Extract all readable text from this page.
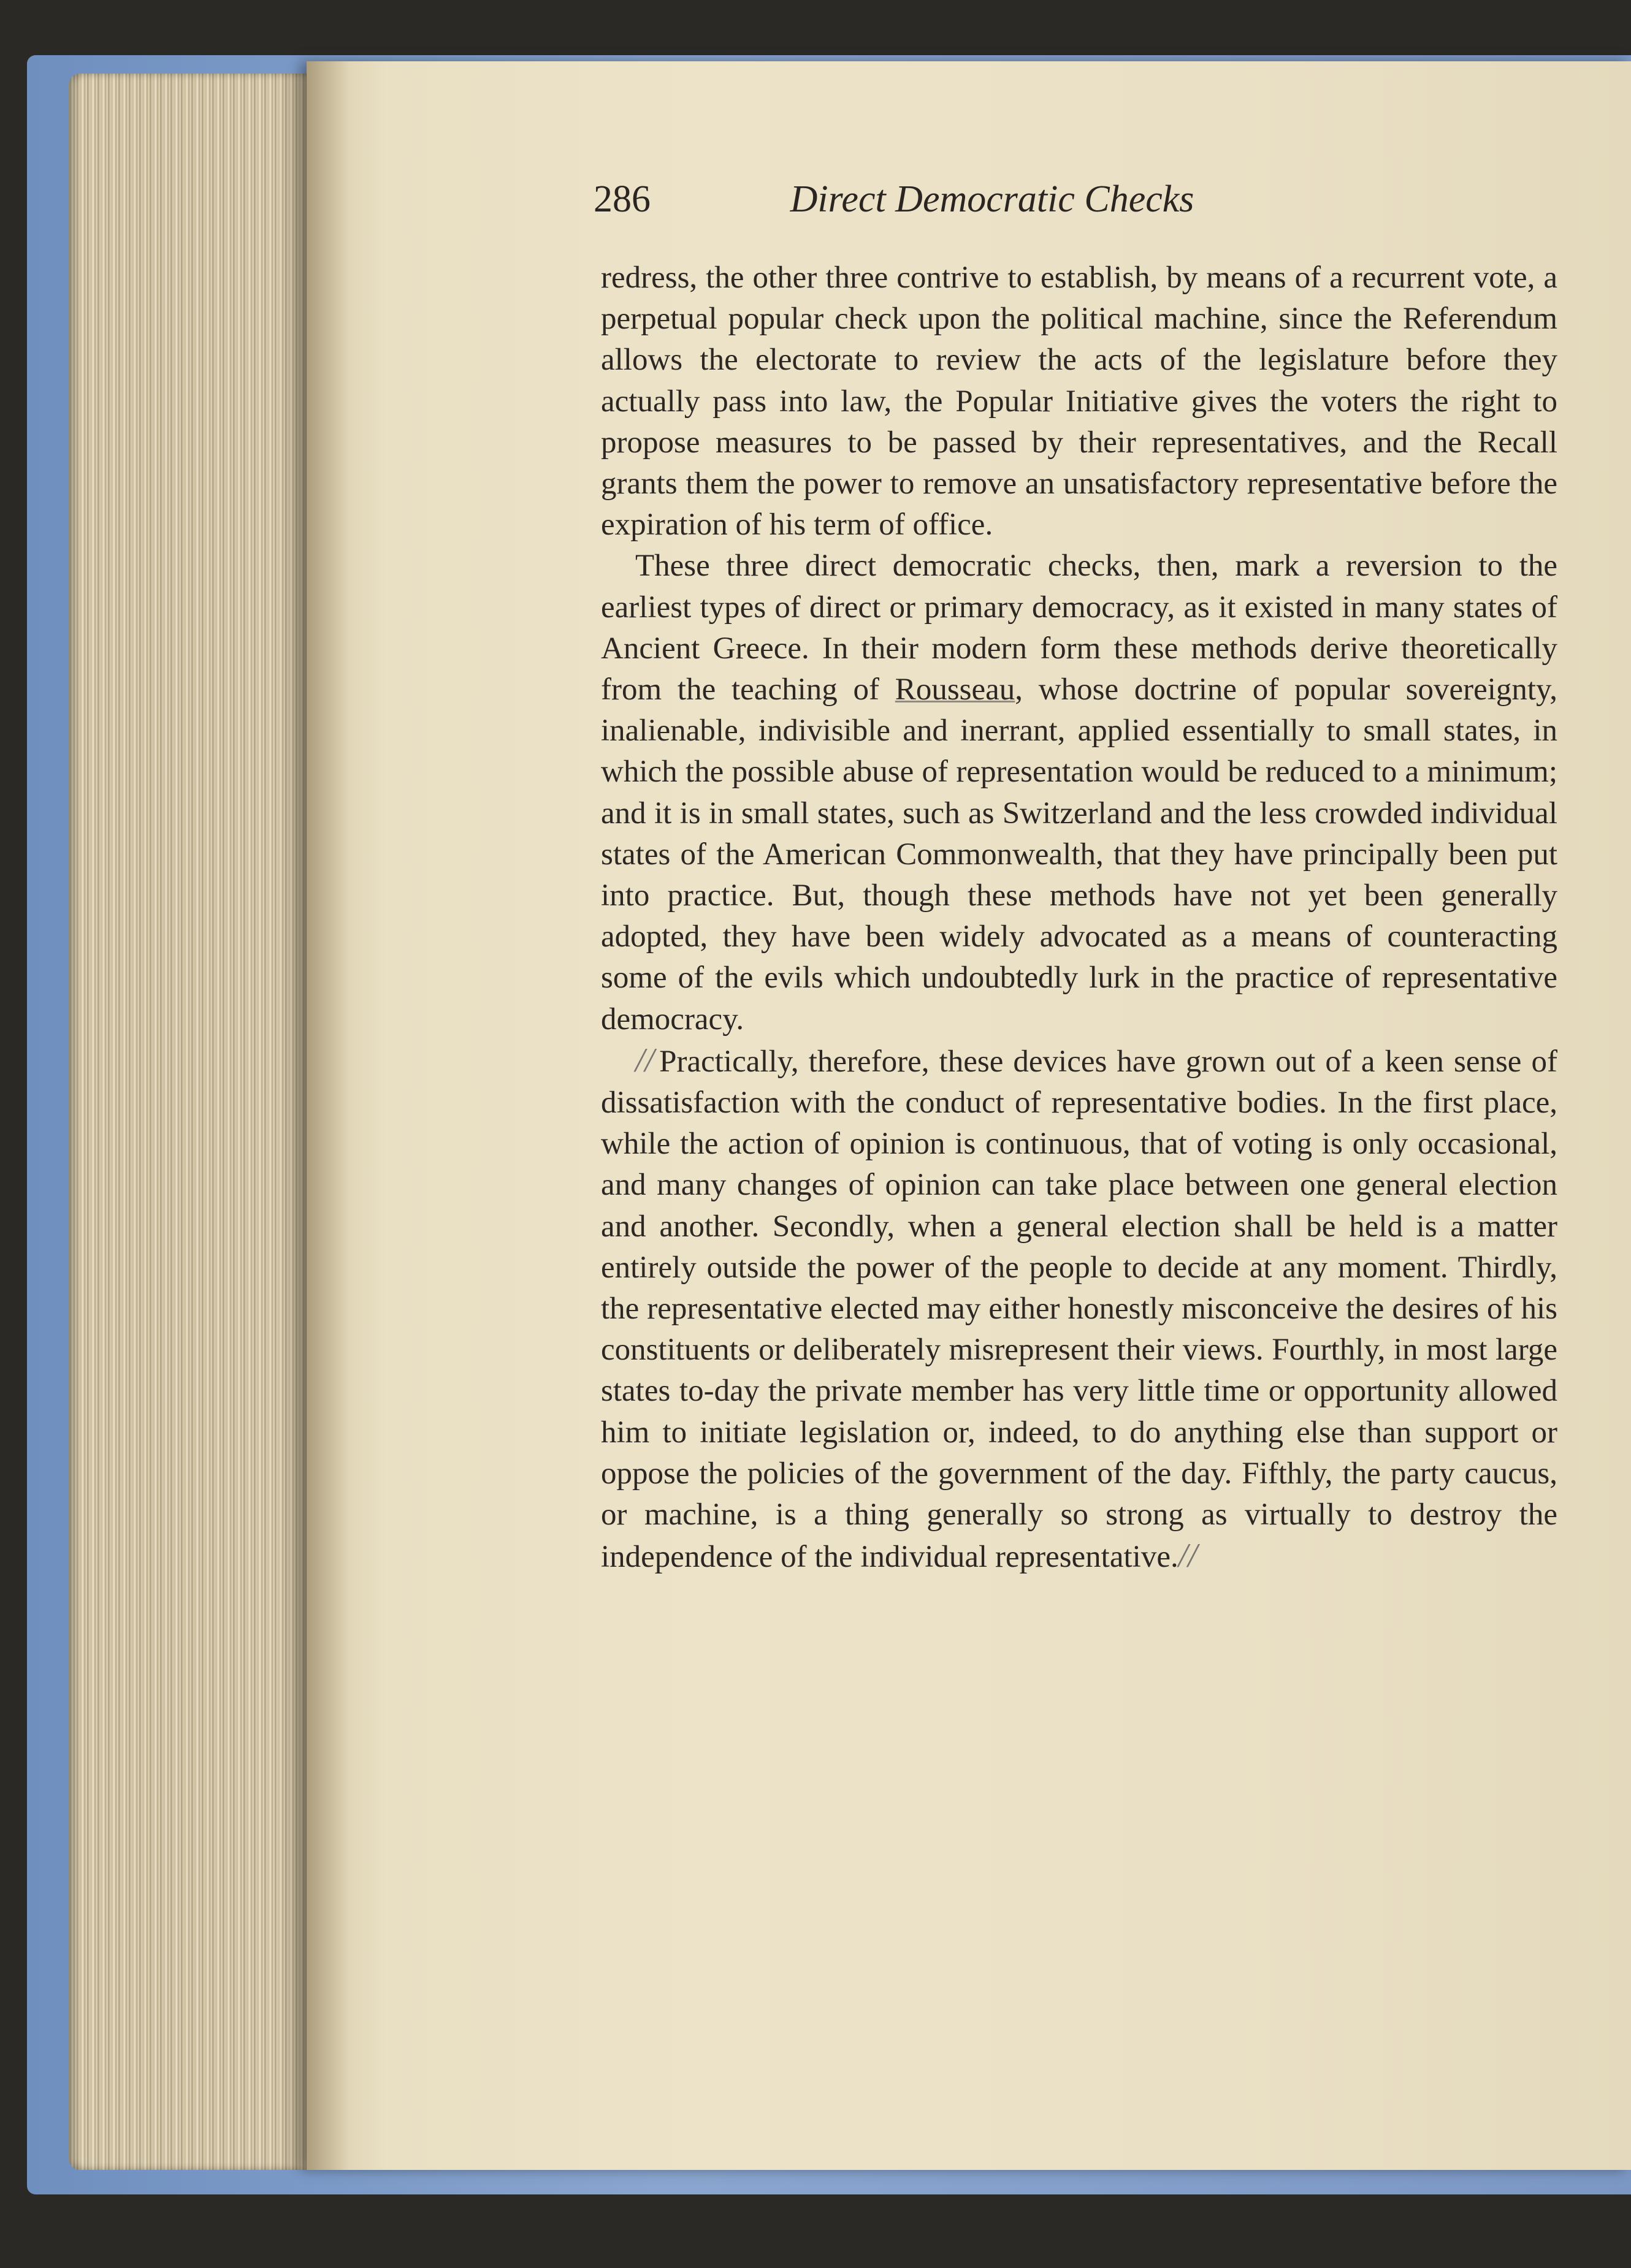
286	Direct Democratic Checks

redress, the other three contrive to establish, by means of a recurrent vote, a perpetual popular check upon the political machine, since the Referendum allows the electorate to review the acts of the legislature before they actually pass into law, the Popular Initiative gives the voters the right to propose measures to be passed by their representatives, and the Recall grants them the power to remove an unsatisfactory representative before the expiration of his term of office.

These three direct democratic checks, then, mark a reversion to the earliest types of direct or primary democracy, as it existed in many states of Ancient Greece. In their modern form these methods derive theoretically from the teaching of Rousseau, whose doctrine of popular sovereignty, inalienable, indivisible and inerrant, applied essentially to small states, in which the possible abuse of representation would be reduced to a minimum; and it is in small states, such as Switzerland and the less crowded individual states of the American Commonwealth, that they have principally been put into practice. But, though these methods have not yet been generally adopted, they have been widely advocated as a means of counteracting some of the evils which undoubtedly lurk in the practice of representative democracy.

// Practically, therefore, these devices have grown out of a keen sense of dissatisfaction with the conduct of representative bodies. In the first place, while the action of opinion is continuous, that of voting is only occasional, and many changes of opinion can take place between one general election and another. Secondly, when a general election shall be held is a matter entirely outside the power of the people to decide at any moment. Thirdly, the representative elected may either honestly misconceive the desires of his constituents or deliberately misrepresent their views. Fourthly, in most large states to-day the private member has very little time or opportunity allowed him to initiate legislation or, indeed, to do anything else than support or oppose the policies of the government of the day. Fifthly, the party caucus, or machine, is a thing generally so strong as virtually to destroy the independence of the individual representative.//
